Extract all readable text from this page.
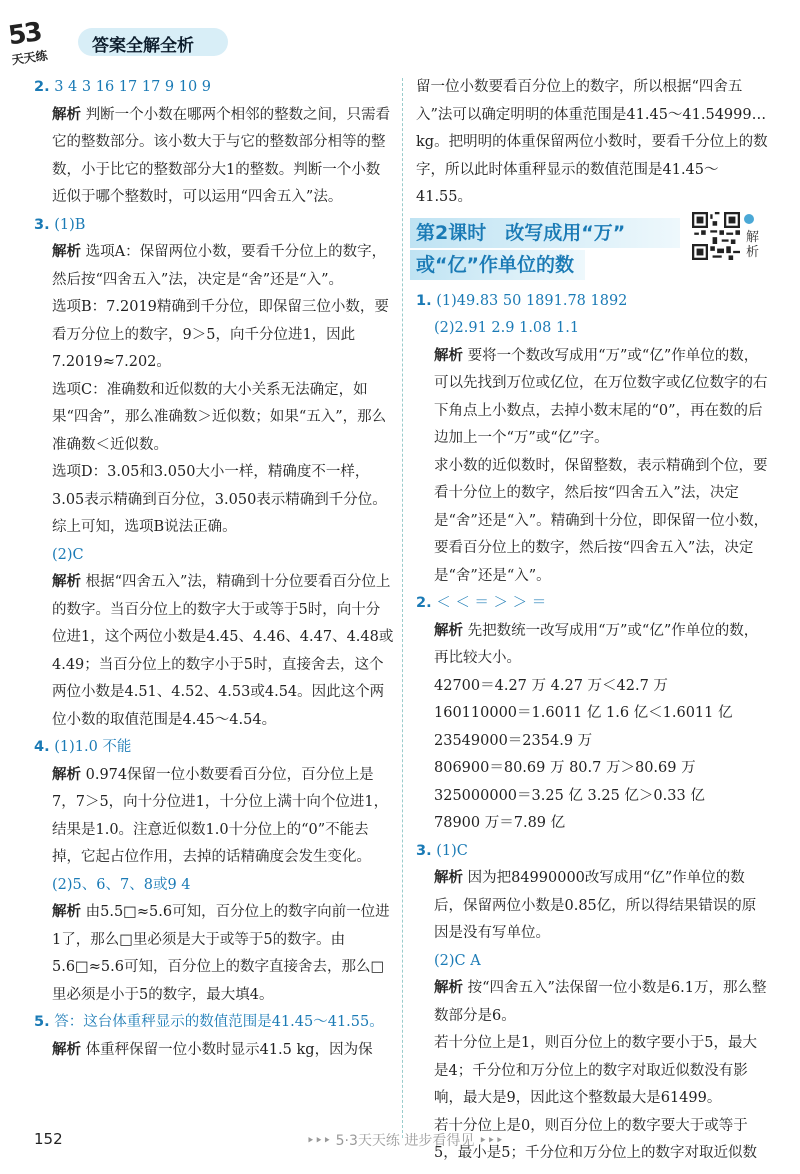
53
天天练
答案全解全析

2. 3 4 3 16 17 17 9 10 9

解析 判断一个小数在哪两个相邻的整数之间，只需看它的整数部分。该小数大于与它的整数部分相等的整数，小于比它的整数部分大1的整数。判断一个小数近似于哪个整数时，可以运用“四舍五入”法。

3. (1)B

解析 选项A：保留两位小数，要看千分位上的数字，然后按“四舍五入”法，决定是“舍”还是“入”。

选项B：7.2019精确到千分位，即保留三位小数，要看万分位上的数字，9＞5，向千分位进1，因此7.2019≈7.202。

选项C：准确数和近似数的大小关系无法确定，如果“四舍”，那么准确数＞近似数；如果“五入”，那么准确数＜近似数。

选项D：3.05和3.050大小一样，精确度不一样，3.05表示精确到百分位，3.050表示精确到千分位。

综上可知，选项B说法正确。

(2)C

解析 根据“四舍五入”法，精确到十分位要看百分位上的数字。当百分位上的数字大于或等于5时，向十分位进1，这个两位小数是4.45、4.46、4.47、4.48或4.49；当百分位上的数字小于5时，直接舍去，这个两位小数是4.51、4.52、4.53或4.54。因此这个两位小数的取值范围是4.45～4.54。

4. (1)1.0 不能

解析 0.974保留一位小数要看百分位，百分位上是7，7＞5，向十分位进1，十分位上满十向个位进1，结果是1.0。注意近似数1.0十分位上的“0”不能去掉，它起占位作用，去掉的话精确度会发生变化。

(2)5、6、7、8或9 4

解析 由5.5□≈5.6可知，百分位上的数字向前一位进1了，那么□里必须是大于或等于5的数字。由5.6□≈5.6可知，百分位上的数字直接舍去，那么□里必须是小于5的数字，最大填4。

5. 答：这台体重秤显示的数值范围是41.45～41.55。

解析 体重秤保留一位小数时显示41.5 kg，因为保

留一位小数要看百分位上的数字，所以根据“四舍五入”法可以确定明明的体重范围是41.45～41.54999…kg。把明明的体重保留两位小数时，要看千分位上的数字，所以此时体重秤显示的数值范围是41.45～41.55。

第2课时　改写成用“万”
或“亿”作单位的数
解析

1. (1)49.83 50 1891.78 1892

(2)2.91 2.9 1.08 1.1

解析 要将一个数改写成用“万”或“亿”作单位的数，可以先找到万位或亿位，在万位数字或亿位数字的右下角点上小数点，去掉小数末尾的“0”，再在数的后边加上一个“万”或“亿”字。

求小数的近似数时，保留整数，表示精确到个位，要看十分位上的数字，然后按“四舍五入”法，决定是“舍”还是“入”。精确到十分位，即保留一位小数，要看百分位上的数字，然后按“四舍五入”法，决定是“舍”还是“入”。

2. ＜ ＜ ＝ ＞ ＞ ＝

解析 先把数统一改写成用“万”或“亿”作单位的数，再比较大小。

42700＝4.27 万 4.27 万＜42.7 万

160110000＝1.6011 亿 1.6 亿＜1.6011 亿

23549000＝2354.9 万

806900＝80.69 万 80.7 万＞80.69 万

325000000＝3.25 亿 3.25 亿＞0.33 亿

78900 万＝7.89 亿

3. (1)C

解析 因为把84990000改写成用“亿”作单位的数后，保留两位小数是0.85亿，所以得结果错误的原因是没有写单位。

(2)C A

解析 按“四舍五入”法保留一位小数是6.1万，那么整数部分是6。

若十分位上是1，则百分位上的数字要小于5，最大是4；千分位和万分位上的数字对取近似数没有影响，最大是9，因此这个整数最大是61499。

若十分位上是0，则百分位上的数字要大于或等于5，最小是5；千分位和万分位上的数字对取近似数

152	‣‣‣ 5·3天天练 进步看得见 ‣‣‣
